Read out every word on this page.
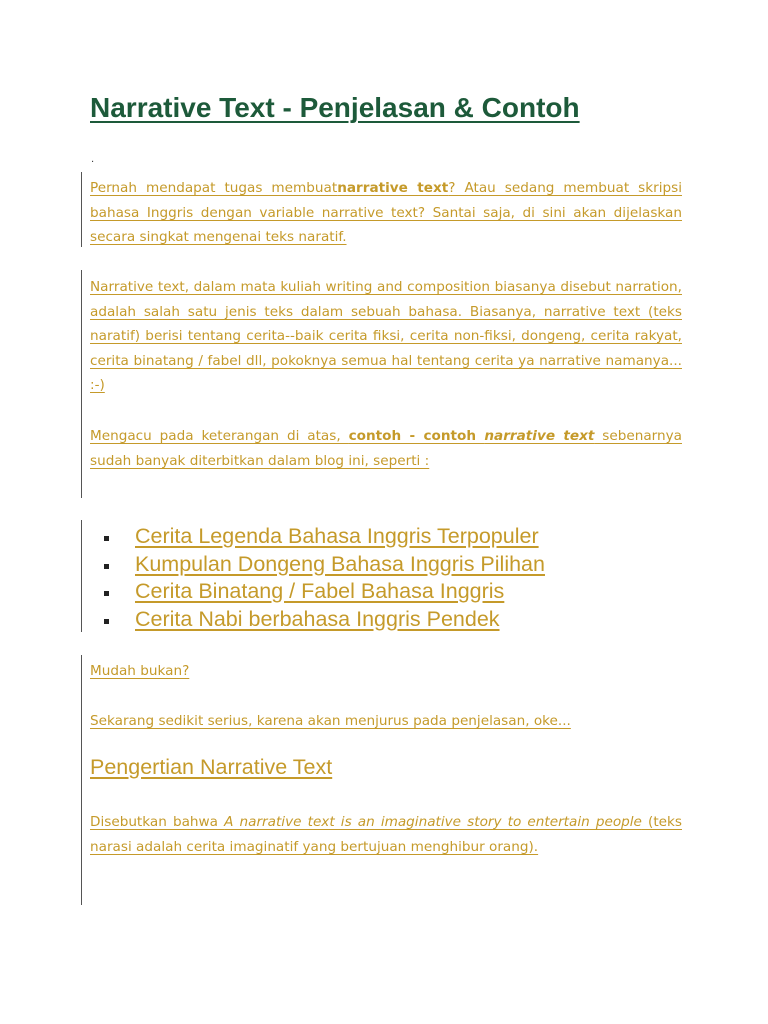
Narrative Text - Penjelasan & Contoh
.

Pernah mendapat tugas membuatnarrative text? Atau sedang membuat skripsi bahasa Inggris dengan variable narrative text? Santai saja, di sini akan dijelaskan secara singkat mengenai teks naratif.

Narrative text, dalam mata kuliah writing and composition biasanya disebut narration, adalah salah satu jenis teks dalam sebuah bahasa. Biasanya, narrative text (teks naratif) berisi tentang cerita--baik cerita fiksi, cerita non-fiksi, dongeng, cerita rakyat, cerita binatang / fabel dll, pokoknya semua hal tentang cerita ya narrative namanya... :-)

Mengacu pada keterangan di atas, contoh - contoh narrative text sebenarnya sudah banyak diterbitkan dalam blog ini, seperti :

Cerita Legenda Bahasa Inggris Terpopuler
Kumpulan Dongeng Bahasa Inggris Pilihan
Cerita Binatang / Fabel Bahasa Inggris
Cerita Nabi berbahasa Inggris Pendek

Mudah bukan?

Sekarang sedikit serius, karena akan menjurus pada penjelasan, oke...

Pengertian Narrative Text

Disebutkan bahwa A narrative text is an imaginative story to entertain people (teks narasi adalah cerita imaginatif yang bertujuan menghibur orang).
